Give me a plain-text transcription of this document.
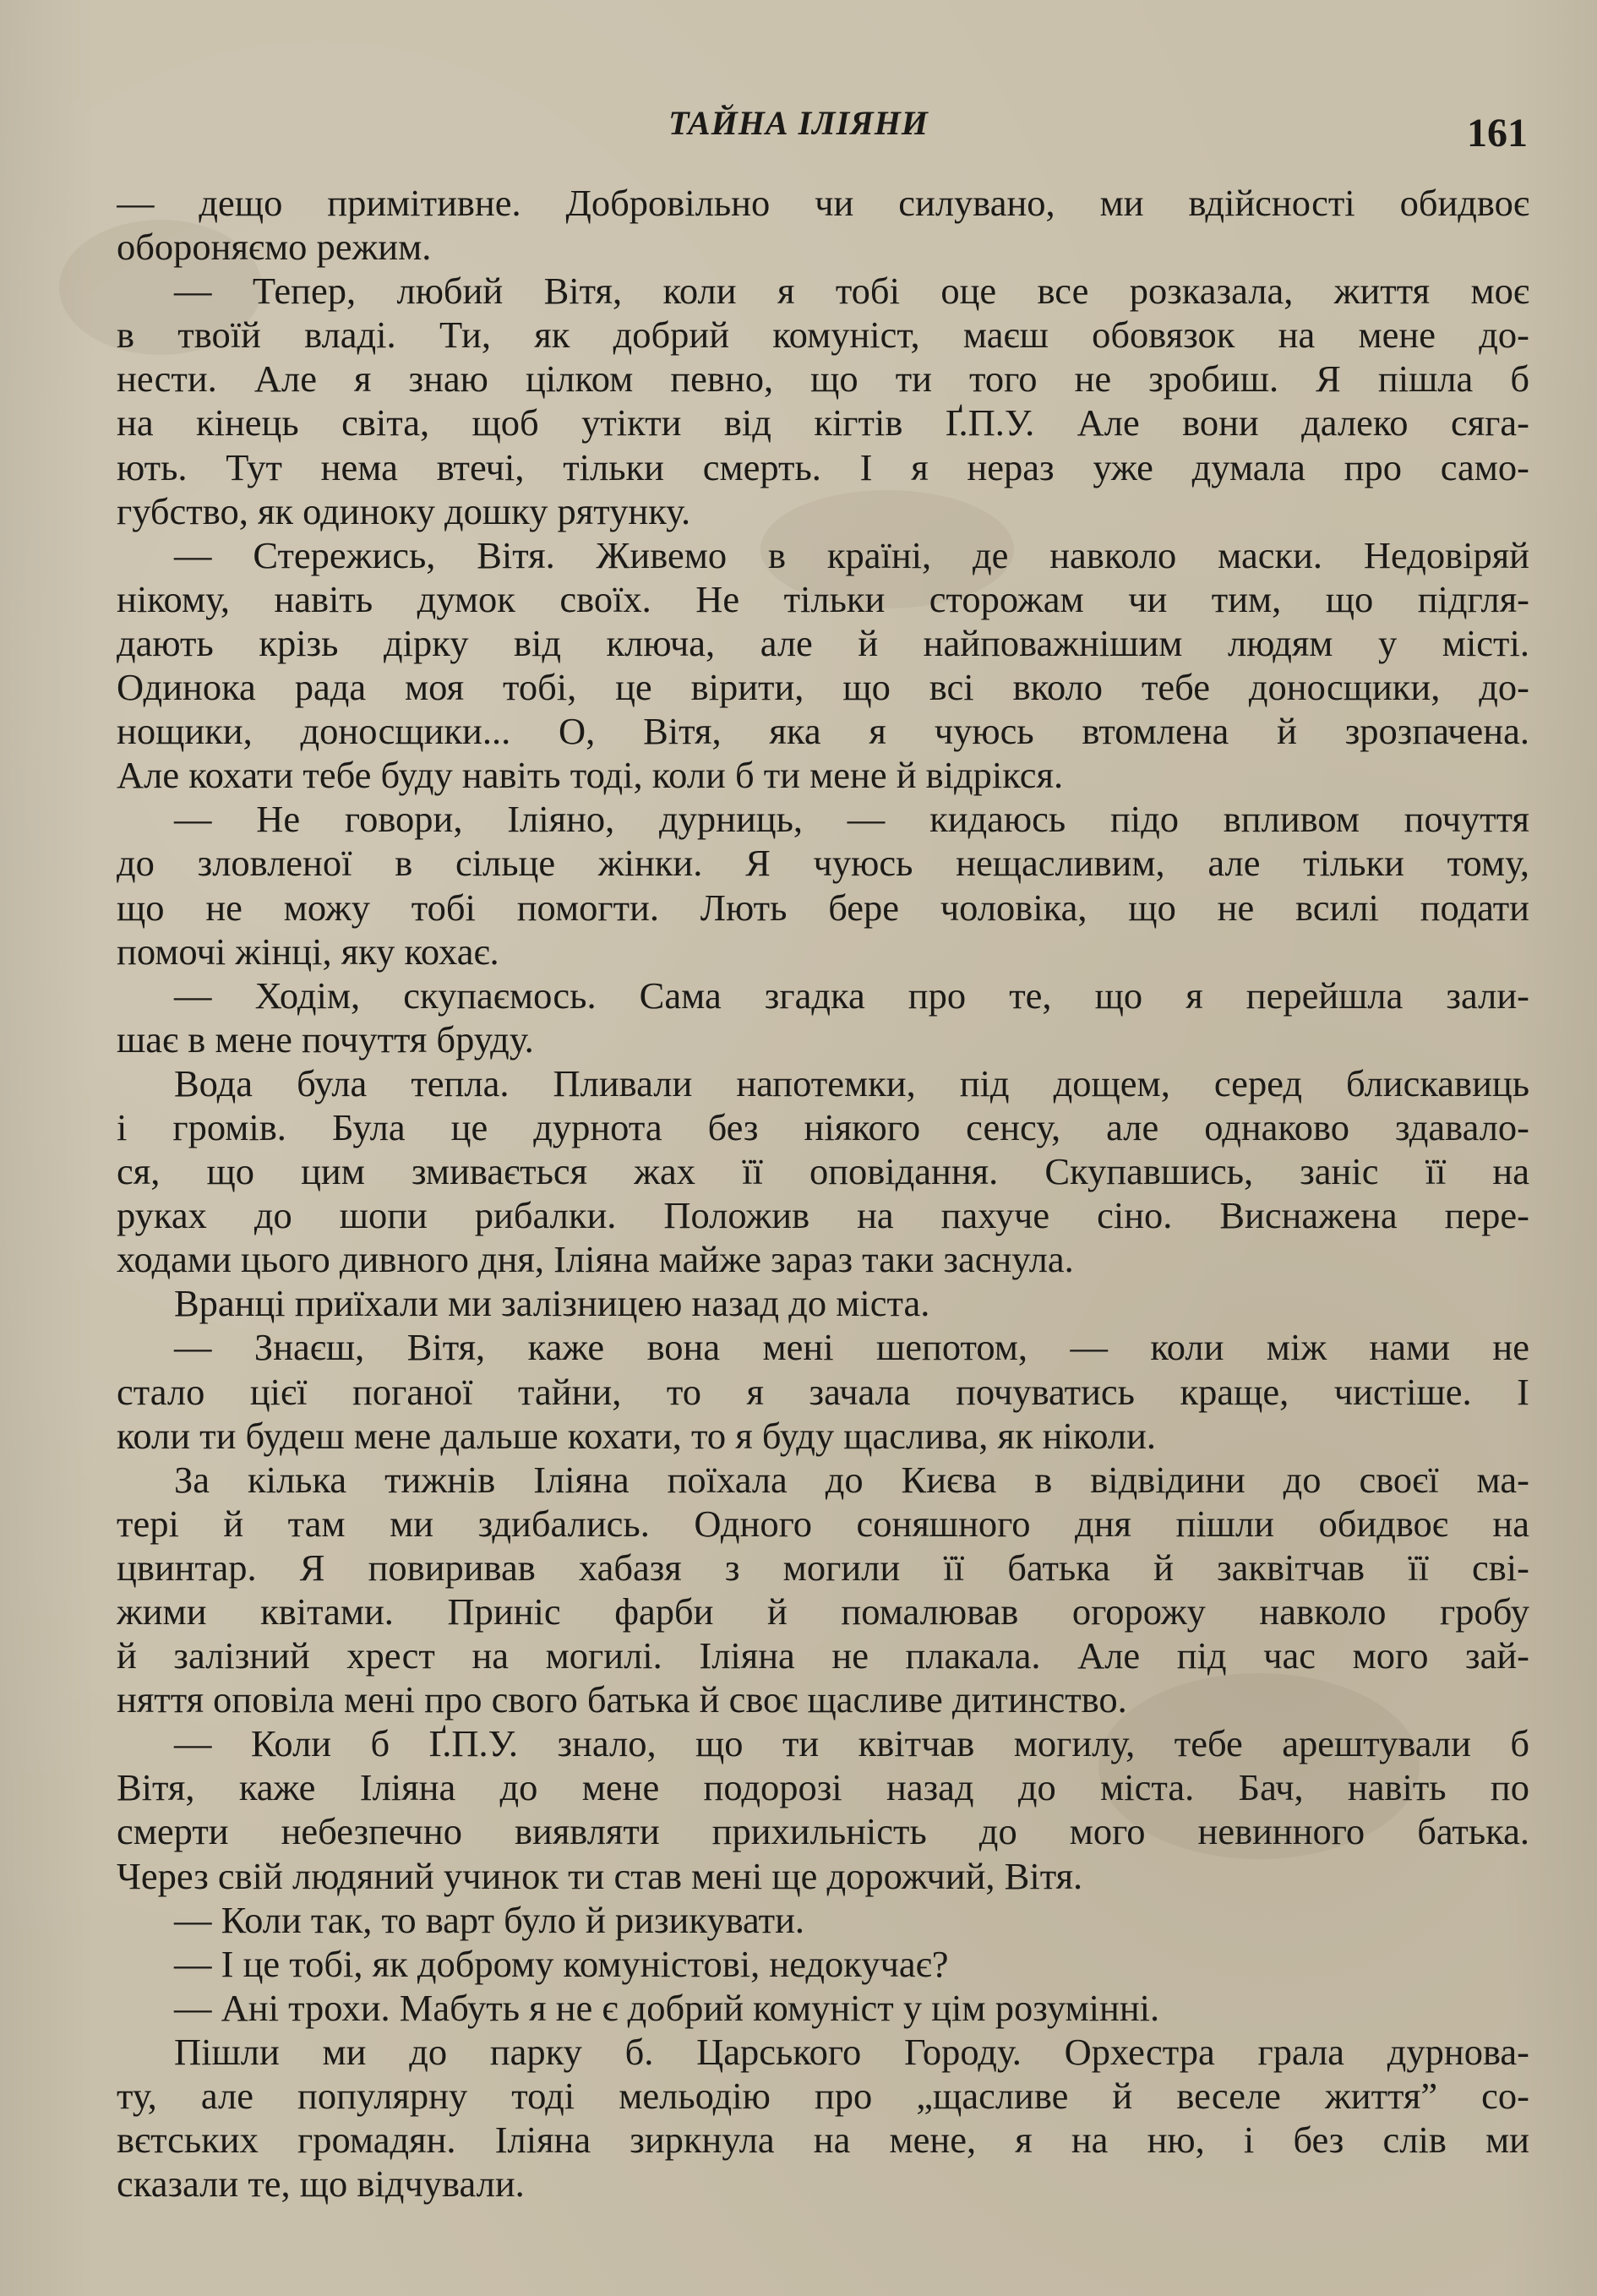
ТАЙНА ІЛІЯНИ	161
— дещо примітивне. Добровільно чи силувано, ми вдійсності обидвоє
обороняємо режим.
— Тепер, любий Вітя, коли я тобі оце все розказала, життя моє
в твоїй владі. Ти, як добрий комуніст, маєш обовязок на мене до-
нести. Але я знаю цілком певно, що ти того не зробиш. Я пішла б
на кінець світа, щоб утікти від кігтів Ґ.П.У. Але вони далеко сяга-
ють. Тут нема втечі, тільки смерть. І я нераз уже думала про само-
губство, як одиноку дошку рятунку.
— Стережись, Вітя. Живемо в країні, де навколо маски. Недовіряй
нікому, навіть думок своїх. Не тільки сторожам чи тим, що підгля-
дають крізь дірку від ключа, але й найповажнішим людям у місті.
Одинока рада моя тобі, це вірити, що всі вколо тебе доносщики, до-
нощики, доносщики... О, Вітя, яка я чуюсь втомлена й зрозпачена.
Але кохати тебе буду навіть тоді, коли б ти мене й відрікся.
— Не говори, Іліяно, дурниць, — кидаюсь підо впливом почуття
до зловленої в сільце жінки. Я чуюсь нещасливим, але тільки тому,
що не можу тобі помогти. Лють бере чоловіка, що не всилі подати
помочі жінці, яку кохає.
— Ходім, скупаємось. Сама згадка про те, що я перейшла зали-
шає в мене почуття бруду.
Вода була тепла. Пливали напотемки, під дощем, серед блискавиць
і громів. Була це дурнота без ніякого сенсу, але однаково здавало-
ся, що цим змивається жах її оповідання. Скупавшись, заніс її на
руках до шопи рибалки. Положив на пахуче сіно. Виснажена пере-
ходами цього дивного дня, Іліяна майже зараз таки заснула.
Вранці приїхали ми залізницею назад до міста.
— Знаєш, Вітя, каже вона мені шепотом, — коли між нами не
стало цієї поганої тайни, то я зачала почуватись краще, чистіше. І
коли ти будеш мене дальше кохати, то я буду щаслива, як ніколи.
За кілька тижнів Іліяна поїхала до Києва в відвідини до своєї ма-
тері й там ми здибались. Одного соняшного дня пішли обидвоє на
цвинтар. Я повиривав хабазя з могили її батька й заквітчав її сві-
жими квітами. Приніс фарби й помалював огорожу навколо гробу
й залізний хрест на могилі. Іліяна не плакала. Але під час мого зай-
няття оповіла мені про свого батька й своє щасливе дитинство.
— Коли б Ґ.П.У. знало, що ти квітчав могилу, тебе арештували б
Вітя, каже Іліяна до мене подорозі назад до міста. Бач, навіть по
смерти небезпечно виявляти прихильність до мого невинного батька.
Через свій людяний учинок ти став мені ще дорожчий, Вітя.
— Коли так, то варт було й ризикувати.
— І це тобі, як доброму комуністові, недокучає?
— Ані трохи. Мабуть я не є добрий комуніст у цім розумінні.
Пішли ми до парку б. Царського Городу. Орхестра грала дурнова-
ту, але популярну тоді мельодію про „щасливе й веселе життя” со-
вєтських громадян. Іліяна зиркнула на мене, я на ню, і без слів ми
сказали те, що відчували.
